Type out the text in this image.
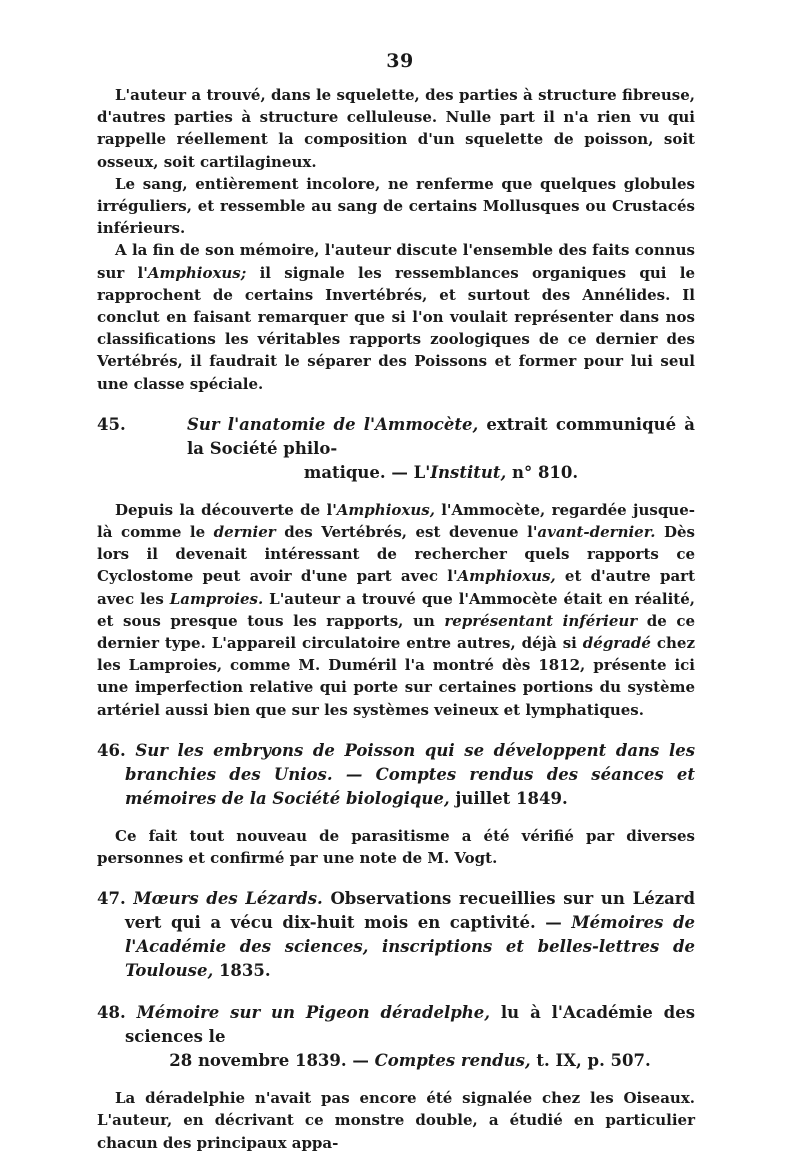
39

L'auteur a trouvé, dans le squelette, des parties à structure fibreuse, d'autres parties à structure celluleuse. Nulle part il n'a rien vu qui rappelle réellement la composition d'un squelette de poisson, soit osseux, soit cartilagineux.

Le sang, entièrement incolore, ne renferme que quelques globules irréguliers, et ressemble au sang de certains Mollusques ou Crustacés inférieurs.

A la fin de son mémoire, l'auteur discute l'ensemble des faits connus sur l'Amphioxus; il signale les ressemblances organiques qui le rapprochent de certains Invertébrés, et surtout des Annélides. Il conclut en faisant remarquer que si l'on voulait représenter dans nos classifications les véritables rapports zoologiques de ce dernier des Vertébrés, il faudrait le séparer des Poissons et former pour lui seul une classe spéciale.

45.	Sur l'anatomie de l'Ammocète, extrait communiqué à la Société philo-
matique. — L'Institut, n° 810.

Depuis la découverte de l'Amphioxus, l'Ammocète, regardée jusque-là comme le dernier des Vertébrés, est devenue l'avant-dernier. Dès lors il devenait intéressant de rechercher quels rapports ce Cyclostome peut avoir d'une part avec l'Amphioxus, et d'autre part avec les Lamproies. L'auteur a trouvé que l'Ammocète était en réalité, et sous presque tous les rapports, un représentant inférieur de ce dernier type. L'appareil circulatoire entre autres, déjà si dégradé chez les Lamproies, comme M. Duméril l'a montré dès 1812, présente ici une imperfection relative qui porte sur certaines portions du système artériel aussi bien que sur les systèmes veineux et lymphatiques.

46. Sur les embryons de Poisson qui se développent dans les branchies des Unios. — Comptes rendus des séances et mémoires de la Société biologique, juillet 1849.

Ce fait tout nouveau de parasitisme a été vérifié par diverses personnes et confirmé par une note de M. Vogt.

47. Mœurs des Lézards. Observations recueillies sur un Lézard vert qui a vécu dix-huit mois en captivité. — Mémoires de l'Académie des sciences, inscriptions et belles-lettres de Toulouse, 1835.

48. Mémoire sur un Pigeon déradelphe, lu à l'Académie des sciences le
28 novembre 1839. — Comptes rendus, t. IX, p. 507.

La déradelphie n'avait pas encore été signalée chez les Oiseaux. L'auteur, en décrivant ce monstre double, a étudié en particulier chacun des principaux appa-
